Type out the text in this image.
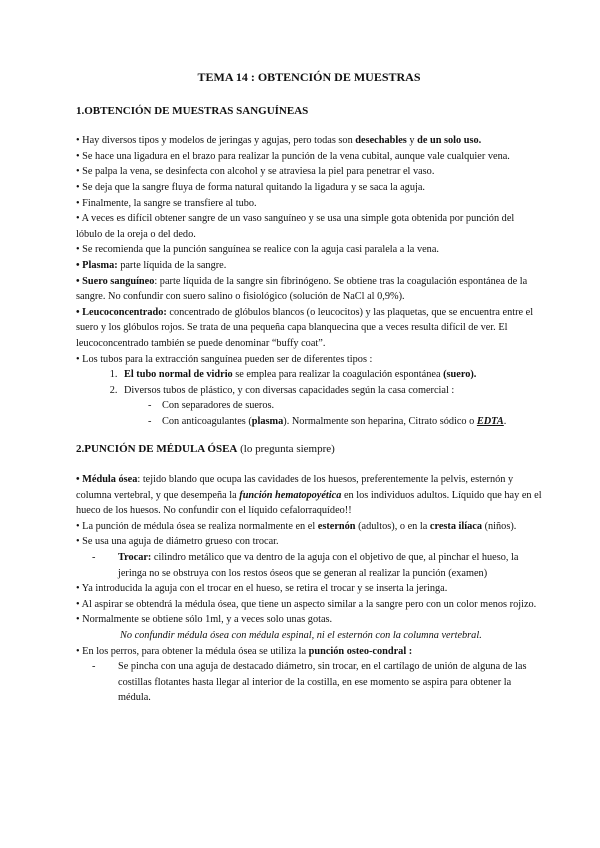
TEMA 14 : OBTENCIÓN DE MUESTRAS
1.OBTENCIÓN DE MUESTRAS SANGUÍNEAS

• Hay diversos tipos y modelos de jeringas y agujas, pero todas son desechables y de un solo uso.

• Se hace una ligadura en el brazo para realizar la punción de la vena cubital, aunque vale cualquier vena.

• Se palpa la vena, se desinfecta con alcohol y se atraviesa la piel para penetrar el vaso.

• Se deja que la sangre fluya de forma natural quitando la ligadura y se saca la aguja.

• Finalmente, la sangre se transfiere al tubo.

• A veces es difícil obtener sangre de un vaso sanguíneo y se usa una simple gota obtenida por punción del lóbulo de la oreja o del dedo.

• Se recomienda que la punción sanguínea se realice con la aguja casi paralela a la vena.

• Plasma: parte líquida de la sangre.

• Suero sanguíneo: parte líquida de la sangre sin fibrinógeno. Se obtiene tras la coagulación espontánea de la sangre. No confundir con suero salino o fisiológico (solución de NaCl al 0,9%).

• Leucoconcentrado: concentrado de glóbulos blancos (o leucocitos) y las plaquetas, que se encuentra entre el suero y los glóbulos rojos. Se trata de una pequeña capa blanquecina que a veces resulta difícil de ver. El leucoconcentrado también se puede denominar “buffy coat”.

• Los tubos para la extracción sanguínea pueden ser de diferentes tipos :

1. El tubo normal de vidrio se emplea para realizar la coagulación espontánea (suero).
2. Diversos tubos de plástico, y con diversas capacidades según la casa comercial :
- Con separadores de sueros.
- Con anticoagulantes (plasma). Normalmente son heparina, Citrato sódico o EDTA.
2.PUNCIÓN DE MÉDULA ÓSEA (lo pregunta siempre)

• Médula ósea: tejido blando que ocupa las cavidades de los huesos, preferentemente la pelvis, esternón y columna vertebral, y que desempeña la función hematopoyética en los individuos adultos. Líquido que hay en el hueco de los huesos. No confundir con el líquido cefalorraquídeo!!

• La punción de médula ósea se realiza normalmente en el esternón (adultos), o en la cresta ilíaca (niños).

• Se usa una aguja de diámetro grueso con trocar.

- Trocar: cilindro metálico que va dentro de la aguja con el objetivo de que, al pinchar el hueso, la jeringa no se obstruya con los restos óseos que se generan al realizar la punción (examen)

• Ya introducida la aguja con el trocar en el hueso, se retira el trocar y se inserta la jeringa.

• Al aspirar se obtendrá la médula ósea, que tiene un aspecto similar a la sangre pero con un color menos rojizo.

• Normalmente se obtiene sólo 1ml, y a veces solo unas gotas.

No confundir médula ósea con médula espinal, ni el esternón con la columna vertebral.

• En los perros, para obtener la médula ósea se utiliza la punción osteo-condral :

- Se pincha con una aguja de destacado diámetro, sin trocar, en el cartílago de unión de alguna de las costillas flotantes hasta llegar al interior de la costilla, en ese momento se aspira para obtener la médula.
